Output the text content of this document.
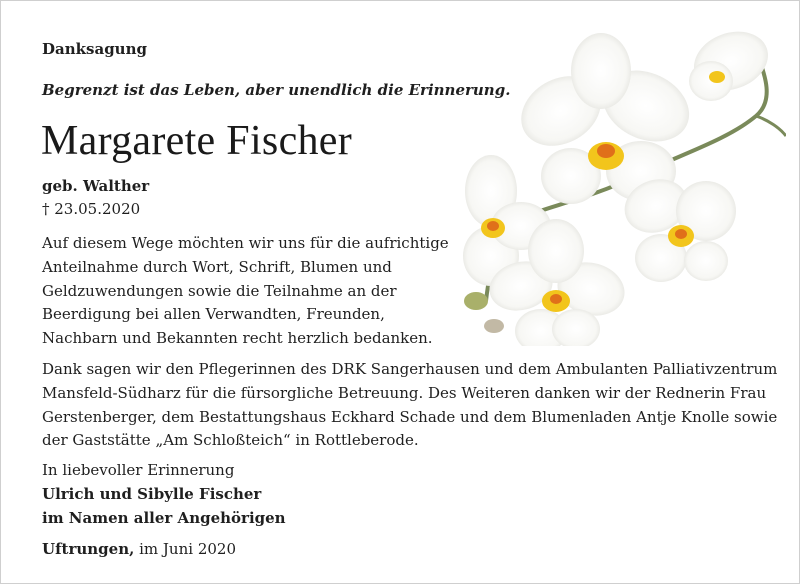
Danksagung
Begrenzt ist das Leben, aber unendlich die Erinnerung.
Margarete Fischer
geb. Walther
† 23.05.2020
Auf diesem Wege möchten wir uns für die aufrichtige
Anteilnahme durch Wort, Schrift, Blumen und
Geldzuwendungen sowie die Teilnahme an der
Beerdigung bei allen Verwandten, Freunden,
Nachbarn und Bekannten recht herzlich bedanken.
Dank sagen wir den Pflegerinnen des DRK Sangerhausen und dem Ambulanten Palliativzentrum
Mansfeld-Südharz für die fürsorgliche Betreuung. Des Weiteren danken wir der Rednerin Frau
Gerstenberger, dem Bestattungshaus Eckhard Schade und dem Blumenladen Antje Knolle sowie
der Gaststätte „Am Schloßteich“ in Rottleberode.
In liebevoller Erinnerung
Ulrich und Sibylle Fischer
im Namen aller Angehörigen
Uftrungen, im Juni 2020
